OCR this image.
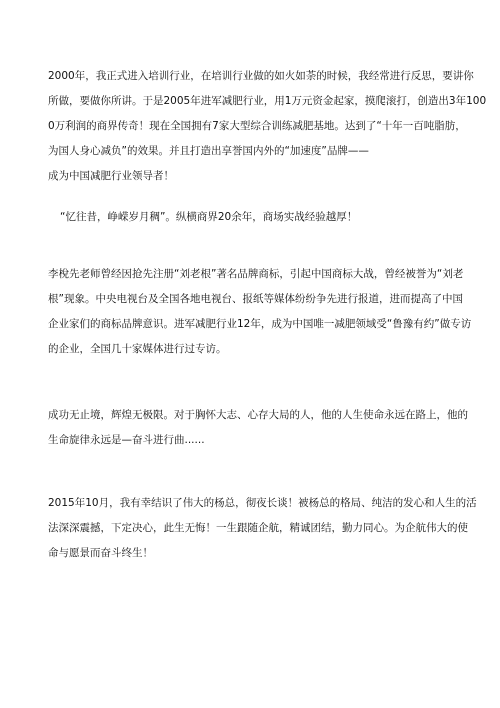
2000年，我正式进入培训行业，在培训行业做的如火如荼的时候，我经常进行反思，要讲你
所做，要做你所讲。于是2005年进军减肥行业，用1万元资金起家，摸爬滚打，创造出3年100
0万利润的商界传奇！现在全国拥有7家大型综合训练减肥基地。达到了“十年一百吨脂肪，
为国人身心减负”的效果。并且打造出享誉国内外的“加速度”品牌——
成为中国减肥行业领导者！
“忆往昔，峥嵘岁月稠”。纵横商界20余年，商场实战经验越厚！
李梲先老师曾经因抢先注册“刘老根”著名品牌商标，引起中国商标大战，曾经被誉为“刘老
根”现象。中央电视台及全国各地电视台、报纸等媒体纷纷争先进行报道，进而提高了中国
企业家们的商标品牌意识。进军减肥行业12年，成为中国唯一减肥领域受“鲁豫有约”做专访
的企业，全国几十家媒体进行过专访。
成功无止境，辉煌无极限。对于胸怀大志、心存大局的人，他的人生使命永远在路上，他的
生命旋律永远是—奋斗进行曲......
2015年10月，我有幸结识了伟大的杨总，彻夜长谈！被杨总的格局、纯洁的发心和人生的活
法深深震撼，下定决心，此生无悔！一生跟随企航，精诚团结，勤力同心。为企航伟大的使
命与愿景而奋斗终生！
